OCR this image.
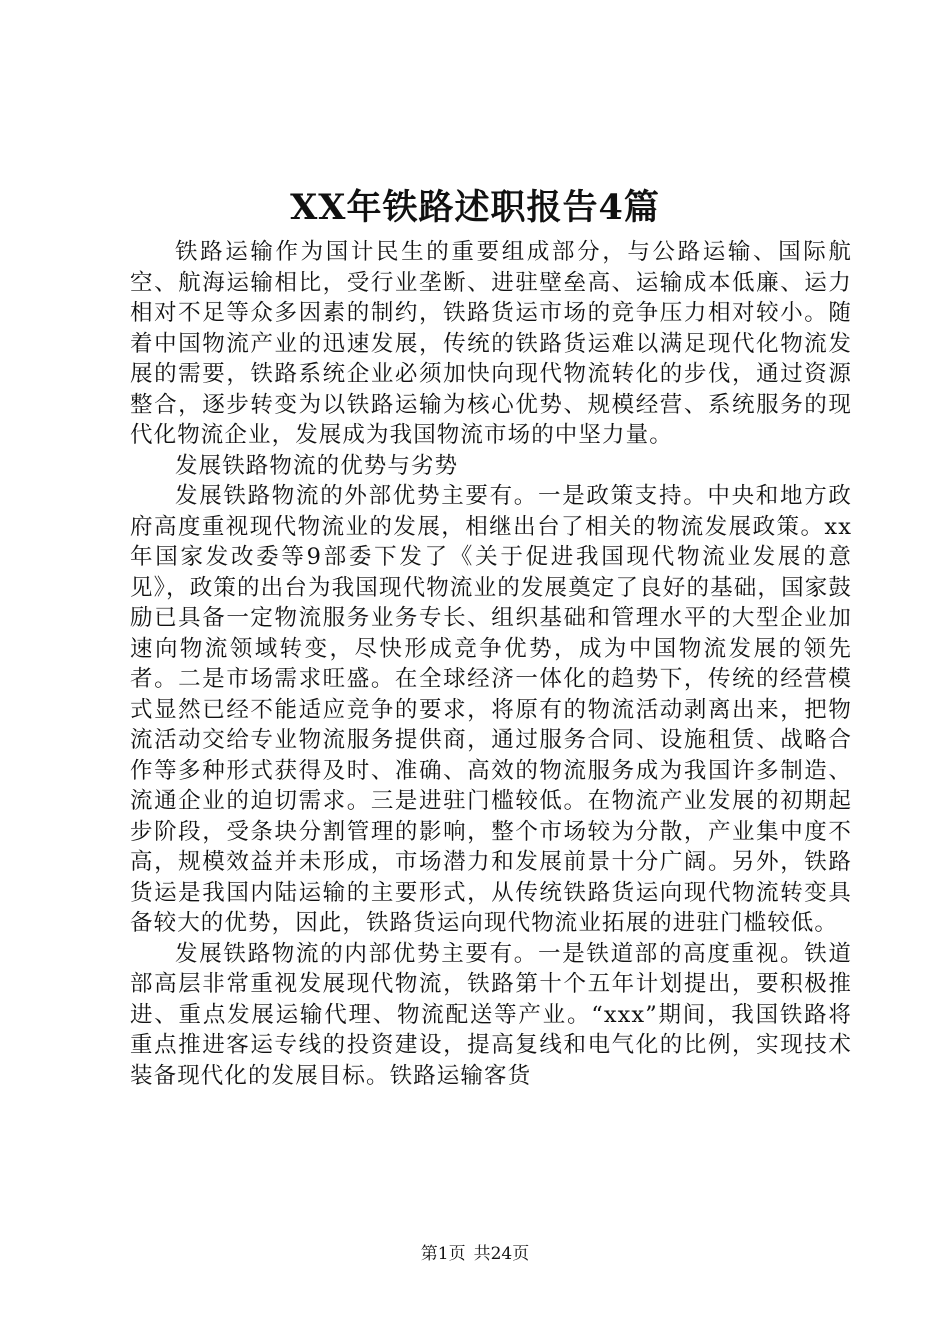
XX年铁路述职报告4篇

铁路运输作为国计民生的重要组成部分，与公路运输、国际航空、航海运输相比，受行业垄断、进驻壁垒高、运输成本低廉、运力相对不足等众多因素的制约，铁路货运市场的竞争压力相对较小。随着中国物流产业的迅速发展，传统的铁路货运难以满足现代化物流发展的需要，铁路系统企业必须加快向现代物流转化的步伐，通过资源整合，逐步转变为以铁路运输为核心优势、规模经营、系统服务的现代化物流企业，发展成为我国物流市场的中坚力量。

发展铁路物流的优势与劣势

发展铁路物流的外部优势主要有。一是政策支持。中央和地方政府高度重视现代物流业的发展，相继出台了相关的物流发展政策。xx年国家发改委等9部委下发了《关于促进我国现代物流业发展的意见》，政策的出台为我国现代物流业的发展奠定了良好的基础，国家鼓励已具备一定物流服务业务专长、组织基础和管理水平的大型企业加速向物流领域转变，尽快形成竞争优势，成为中国物流发展的领先者。二是市场需求旺盛。在全球经济一体化的趋势下，传统的经营模式显然已经不能适应竞争的要求，将原有的物流活动剥离出来，把物流活动交给专业物流服务提供商，通过服务合同、设施租赁、战略合作等多种形式获得及时、准确、高效的物流服务成为我国许多制造、流通企业的迫切需求。三是进驻门槛较低。在物流产业发展的初期起步阶段，受条块分割管理的影响，整个市场较为分散，产业集中度不高，规模效益并未形成，市场潜力和发展前景十分广阔。另外，铁路货运是我国内陆运输的主要形式，从传统铁路货运向现代物流转变具备较大的优势，因此，铁路货运向现代物流业拓展的进驻门槛较低。

发展铁路物流的内部优势主要有。一是铁道部的高度重视。铁道部高层非常重视发展现代物流，铁路第十个五年计划提出，要积极推进、重点发展运输代理、物流配送等产业。“xxx”期间，我国铁路将重点推进客运专线的投资建设，提高复线和电气化的比例，实现技术装备现代化的发展目标。铁路运输客货

第1页 共24页
